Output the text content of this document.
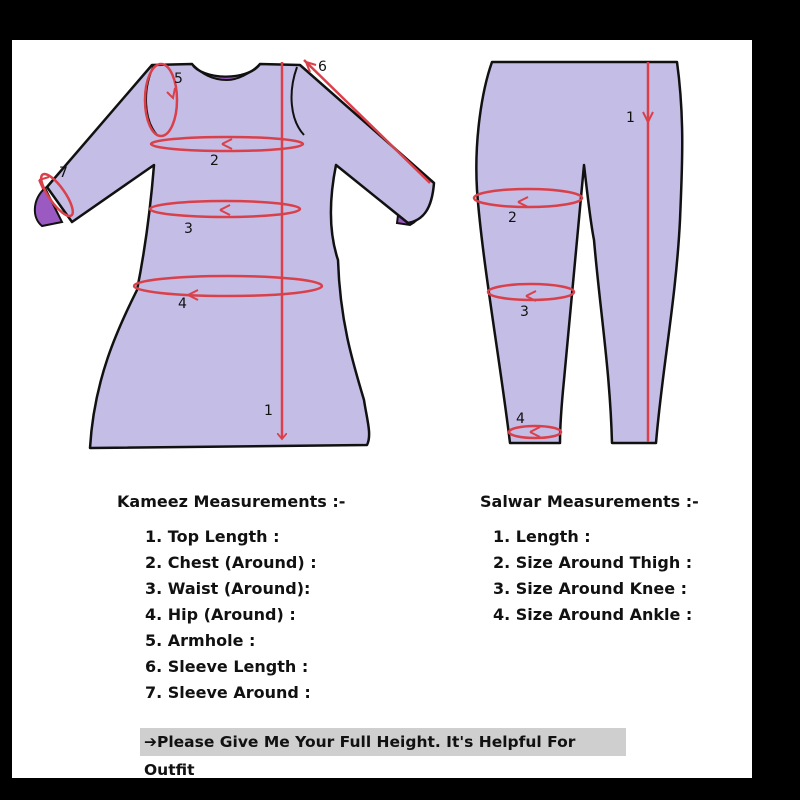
1
2
3
4
5
6
7
1
2
3
4
Kameez Measurements :-
1. Top Length :
2. Chest (Around) :
3. Waist (Around):
4. Hip (Around) :
5. Armhole :
6. Sleeve Length :
7. Sleeve Around :
Salwar Measurements :-
1. Length :
2. Size Around Thigh :
3. Size Around Knee :
4. Size Around Ankle :
➔Please Give Me Your Full Height. It's Helpful For Outfit
